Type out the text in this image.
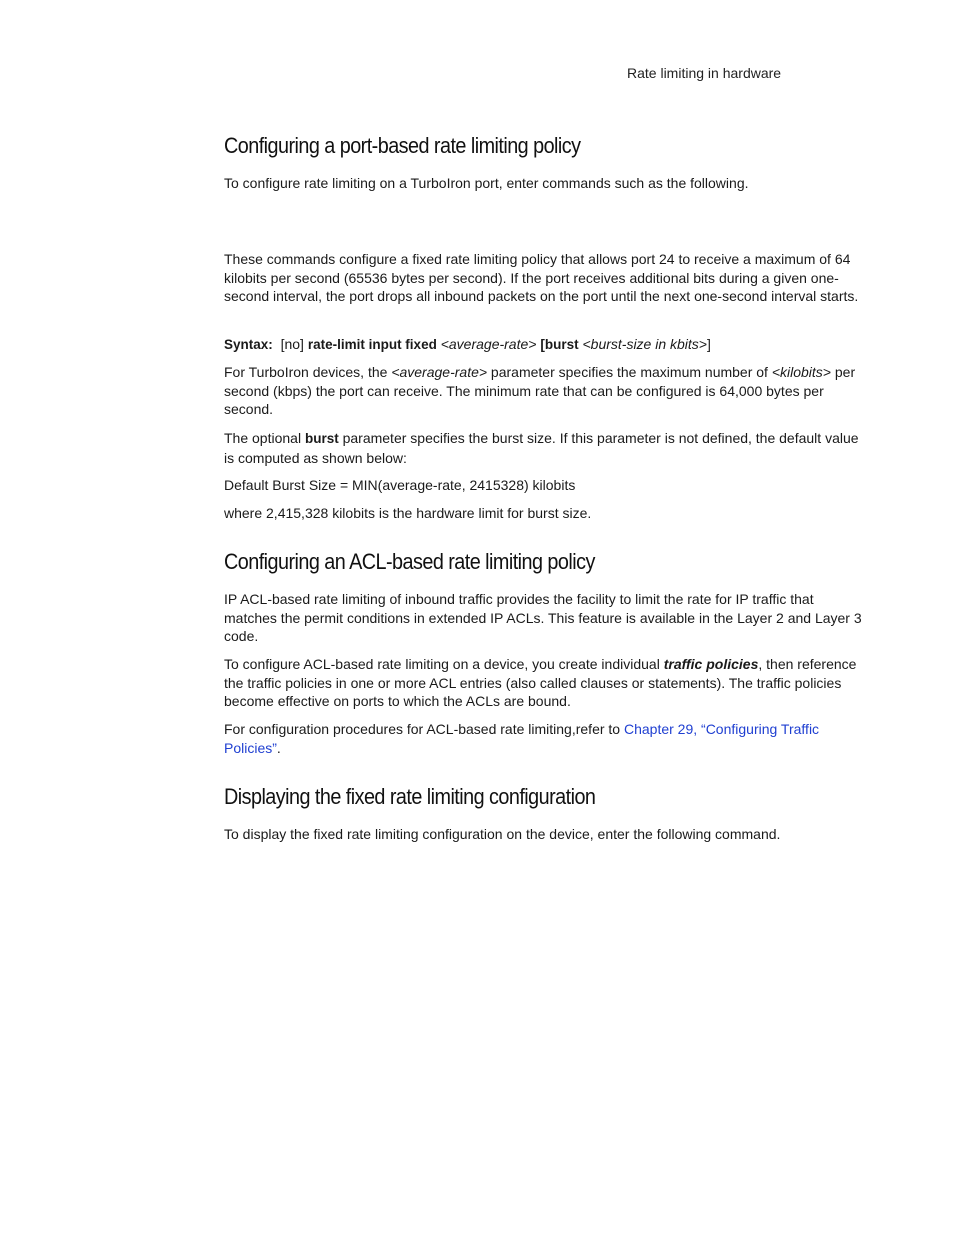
Rate limiting in hardware
Configuring a port-based rate limiting policy

To configure rate limiting on a TurboIron port, enter commands such as the following.

These commands configure a fixed rate limiting policy that allows port 24 to receive a maximum of 64 kilobits per second (65536 bytes per second). If the port receives additional bits during a given one-second interval, the port drops all inbound packets on the port until the next one-second interval starts.

Syntax: [no] rate-limit input fixed <average-rate> [burst <burst-size in kbits>]

For TurboIron devices, the <average-rate> parameter specifies the maximum number of <kilobits> per second (kbps) the port can receive. The minimum rate that can be configured is 64,000 bytes per second.

The optional burst parameter specifies the burst size. If this parameter is not defined, the default value is computed as shown below:

Default Burst Size = MIN(average-rate, 2415328) kilobits

where 2,415,328 kilobits is the hardware limit for burst size.

Configuring an ACL-based rate limiting policy

IP ACL-based rate limiting of inbound traffic provides the facility to limit the rate for IP traffic that matches the permit conditions in extended IP ACLs. This feature is available in the Layer 2 and Layer 3 code.

To configure ACL-based rate limiting on a device, you create individual traffic policies, then reference the traffic policies in one or more ACL entries (also called clauses or statements). The traffic policies become effective on ports to which the ACLs are bound.

For configuration procedures for ACL-based rate limiting,refer to Chapter 29, “Configuring Traffic Policies”.

Displaying the fixed rate limiting configuration

To display the fixed rate limiting configuration on the device, enter the following command.
